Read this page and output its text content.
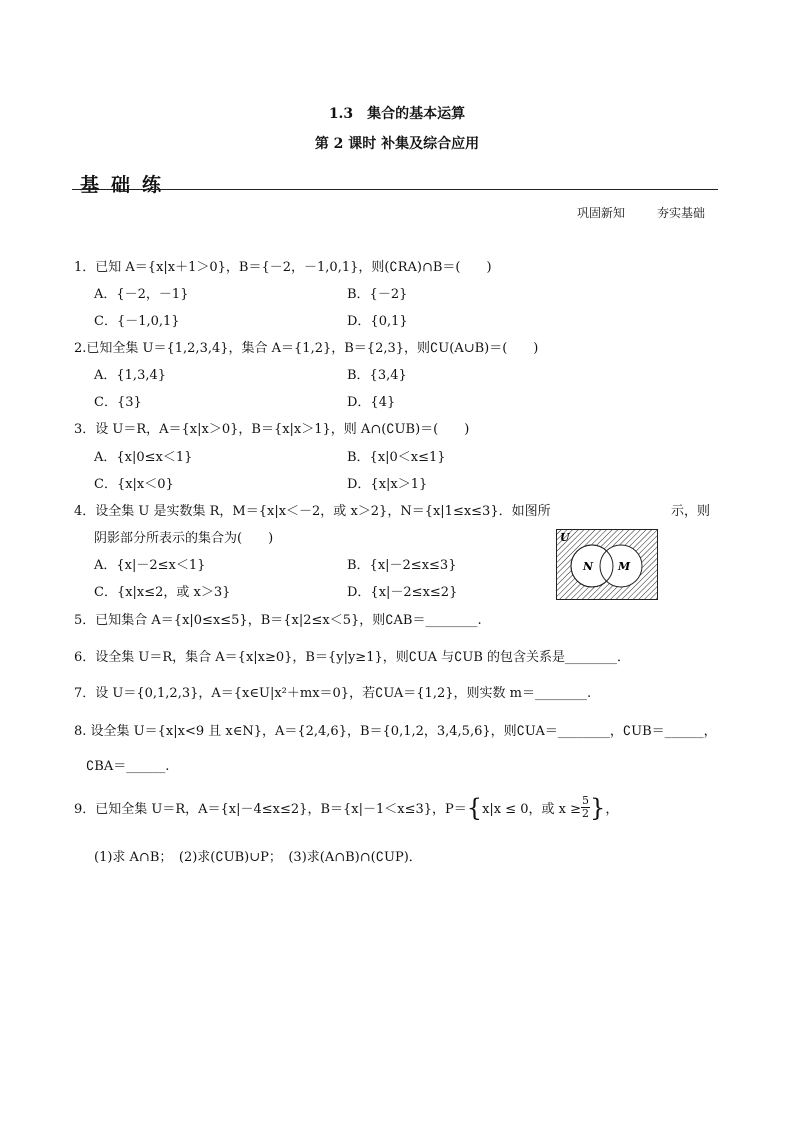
1.3　集合的基本运算
第 2 课时 补集及综合应用
基础练
巩固新知	夯实基础
1．已知 A＝{x|x＋1＞0}，B＝{－2，－1,0,1}，则(∁RA)∩B＝(　　)
A．{－2，－1}	B．{－2}
C．{－1,0,1}	D．{0,1}
2.已知全集 U＝{1,2,3,4}，集合 A＝{1,2}，B＝{2,3}，则∁U(A∪B)＝(　　)
A．{1,3,4}	B．{3,4}
C．{3}	D．{4}
3．设 U＝R，A＝{x|x＞0}，B＝{x|x＞1}，则 A∩(∁UB)＝(　　)
A．{x|0≤x＜1}	B．{x|0＜x≤1}
C．{x|x＜0}	D．{x|x＞1}
4．设全集 U 是实数集 R，M＝{x|x＜－2，或 x＞2}，N＝{x|1≤x≤3}．如图所	示，则
阴影部分所表示的集合为(　　)
A．{x|－2≤x＜1}	B．{x|－2≤x≤3}
C．{x|x≤2，或 x＞3}	D．{x|－2≤x≤2}
U
N M
5．已知集合 A＝{x|0≤x≤5}，B＝{x|2≤x＜5}，则∁AB＝________.
6．设全集 U＝R，集合 A＝{x|x≥0}，B＝{y|y≥1}，则∁UA 与∁UB 的包含关系是________．
7．设 U＝{0,1,2,3}，A＝{x∈U|x²＋mx＝0}，若∁UA＝{1,2}，则实数 m＝________.
8. 设全集 U＝{x|x<9 且 x∈N}，A＝{2,4,6}，B＝{0,1,2，3,4,5,6}，则∁UA＝________，∁UB＝______，
∁BA＝______.
9．已知全集 U＝R，A＝{x|－4≤x≤2}，B＝{x|－1＜x≤3}，P＝ { x|x ≤ 0，或 $x \ge \frac{5}{2}$ } ，
(1)求 A∩B；　(2)求(∁UB)∪P；　(3)求(A∩B)∩(∁UP)．
